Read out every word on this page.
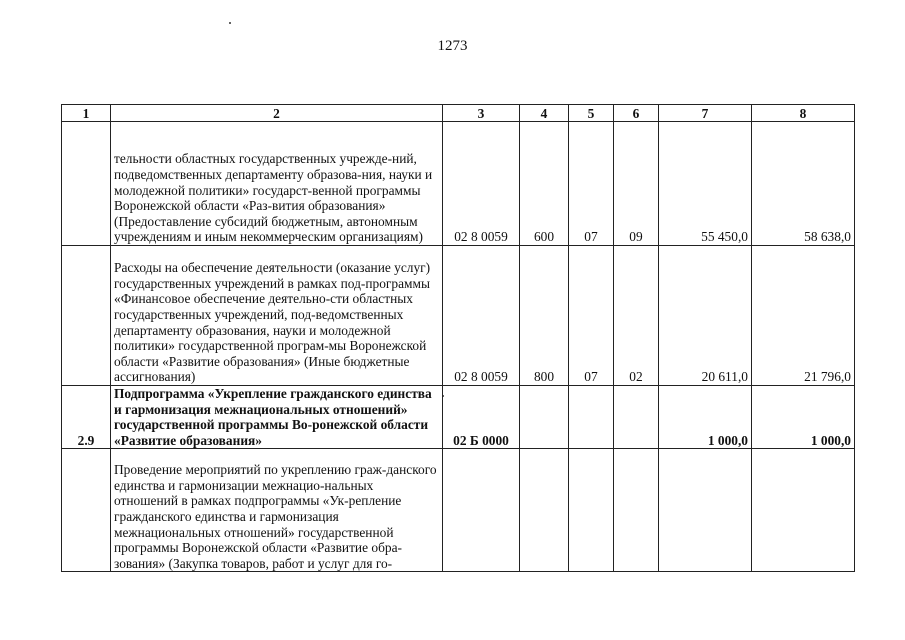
1273
1	2	3	4	5	6	7	8
	тельности областных государственных учрежде-ний, подведомственных департаменту образова-ния, науки и молодежной политики» государст-венной программы Воронежской области «Раз-вития образования» (Предоставление субсидий бюджетным, автономным учреждениям и иным некоммерческим организациям)	02 8 0059	600	07	09	55 450,0	58 638,0
	Расходы на обеспечение деятельности (оказание услуг) государственных учреждений в рамках под-программы «Финансовое обеспечение деятельно-сти областных государственных учреждений, под-ведомственных департаменту образования, науки и молодежной политики» государственной програм-мы Воронежской области «Развитие образования» (Иные бюджетные ассигнования)	02 8 0059	800	07	02	20 611,0	21 796,0
2.9	Подпрограмма «Укрепление гражданского единства и гармонизация межнациональных отношений» государственной программы Во-ронежской области «Развитие образования»	02 Б 0000				1 000,0	1 000,0
	Проведение мероприятий по укреплению граж-данского единства и гармонизации межнацио-нальных отношений в рамках подпрограммы «Ук-репление гражданского единства и гармонизация межнациональных отношений» государственной программы Воронежской области «Развитие обра-зования» (Закупка товаров, работ и услуг для го-						
